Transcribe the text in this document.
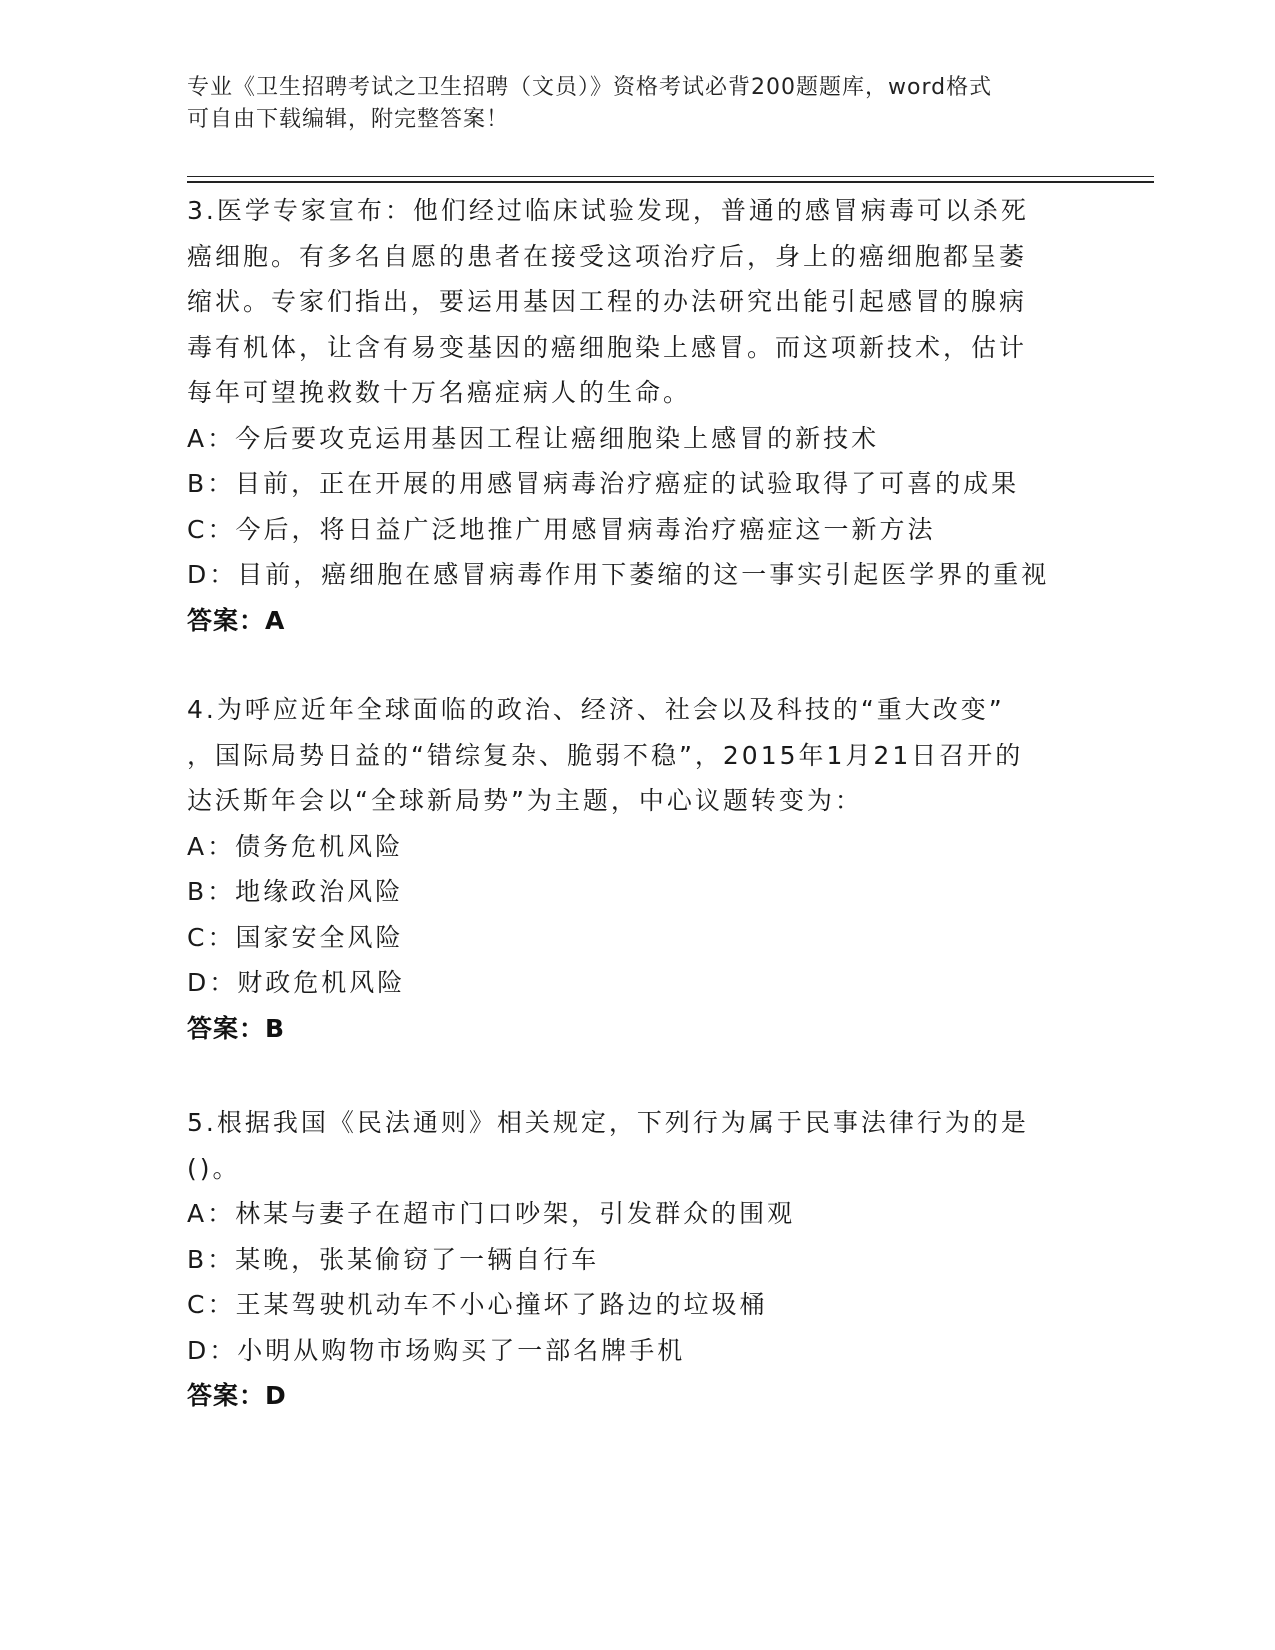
专业《卫生招聘考试之卫生招聘（文员）》资格考试必背200题题库，word格式
可自由下载编辑，附完整答案！
3.医学专家宣布：他们经过临床试验发现，普通的感冒病毒可以杀死
癌细胞。有多名自愿的患者在接受这项治疗后，身上的癌细胞都呈萎
缩状。专家们指出，要运用基因工程的办法研究出能引起感冒的腺病
毒有机体，让含有易变基因的癌细胞染上感冒。而这项新技术，估计
每年可望挽救数十万名癌症病人的生命。
A：今后要攻克运用基因工程让癌细胞染上感冒的新技术
B：目前，正在开展的用感冒病毒治疗癌症的试验取得了可喜的成果
C：今后，将日益广泛地推广用感冒病毒治疗癌症这一新方法
D：目前，癌细胞在感冒病毒作用下萎缩的这一事实引起医学界的重视
答案：A
4.为呼应近年全球面临的政治、经济、社会以及科技的“重大改变”
，国际局势日益的“错综复杂、脆弱不稳”，2015年1月21日召开的
达沃斯年会以“全球新局势”为主题，中心议题转变为：
A：债务危机风险
B：地缘政治风险
C：国家安全风险
D：财政危机风险
答案：B
5.根据我国《民法通则》相关规定，下列行为属于民事法律行为的是
()。
A：林某与妻子在超市门口吵架，引发群众的围观
B：某晚，张某偷窃了一辆自行车
C：王某驾驶机动车不小心撞坏了路边的垃圾桶
D：小明从购物市场购买了一部名牌手机
答案：D
